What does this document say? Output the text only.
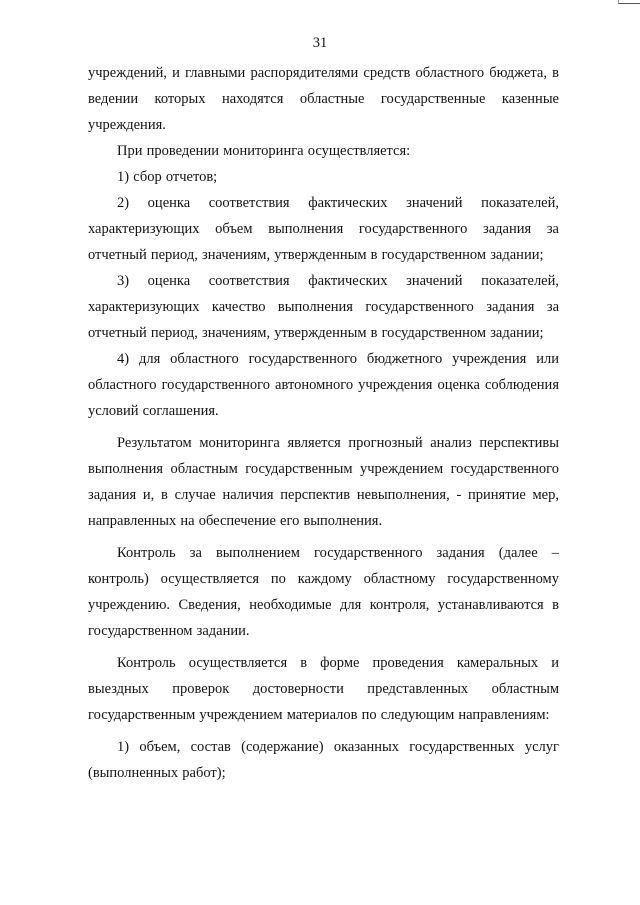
31

учреждений, и главными распорядителями средств областного бюджета, в ведении которых находятся областные государственные казенные учреждения.

При проведении мониторинга осуществляется:

1) сбор отчетов;

2) оценка соответствия фактических значений показателей, характеризующих объем выполнения государственного задания за отчетный период, значениям, утвержденным в государственном задании;

3) оценка соответствия фактических значений показателей, характеризующих качество выполнения государственного задания за отчетный период, значениям, утвержденным в государственном задании;

4) для областного государственного бюджетного учреждения или областного государственного автономного учреждения оценка соблюдения условий соглашения.

Результатом мониторинга является прогнозный анализ перспективы выполнения областным государственным учреждением государственного задания и, в случае наличия перспектив невыполнения, - принятие мер, направленных на обеспечение его выполнения.

Контроль за выполнением государственного задания (далее – контроль) осуществляется по каждому областному государственному учреждению. Сведения, необходимые для контроля, устанавливаются в государственном задании.

Контроль осуществляется в форме проведения камеральных и выездных проверок достоверности представленных областным государственным учреждением материалов по следующим направлениям:

1) объем, состав (содержание) оказанных государственных услуг (выполненных работ);
